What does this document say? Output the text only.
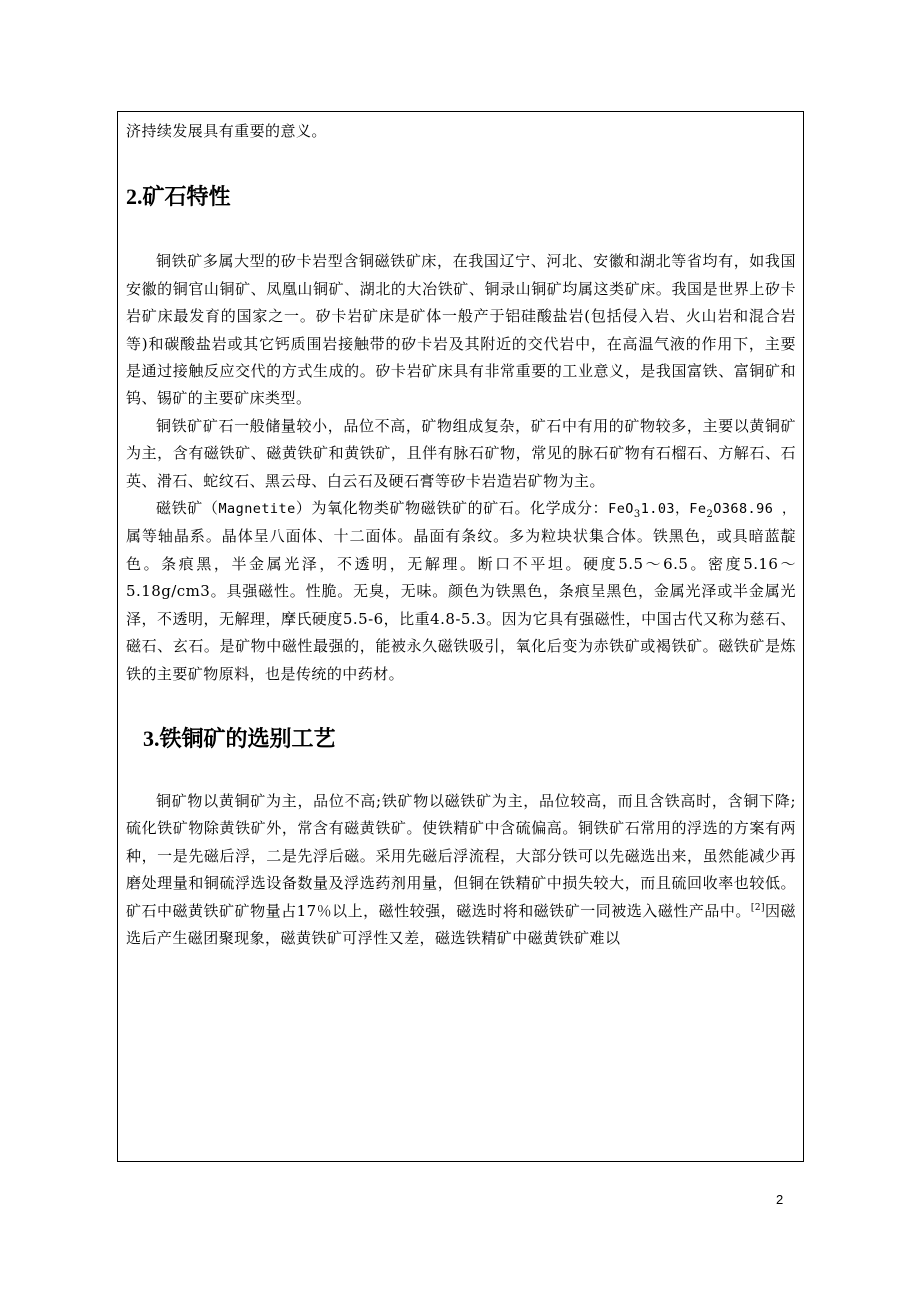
济持续发展具有重要的意义。

2.矿石特性

铜铁矿多属大型的矽卡岩型含铜磁铁矿床，在我国辽宁、河北、安徽和湖北等省均有，如我国安徽的铜官山铜矿、凤凰山铜矿、湖北的大冶铁矿、铜录山铜矿均属这类矿床。我国是世界上矽卡岩矿床最发育的国家之一。矽卡岩矿床是矿体一般产于铝硅酸盐岩(包括侵入岩、火山岩和混合岩等)和碳酸盐岩或其它钙质围岩接触带的矽卡岩及其附近的交代岩中，在高温气液的作用下，主要是通过接触反应交代的方式生成的。矽卡岩矿床具有非常重要的工业意义，是我国富铁、富铜矿和钨、锡矿的主要矿床类型。

铜铁矿矿石一般储量较小，品位不高，矿物组成复杂，矿石中有用的矿物较多，主要以黄铜矿为主，含有磁铁矿、磁黄铁矿和黄铁矿，且伴有脉石矿物，常见的脉石矿物有石榴石、方解石、石英、滑石、蛇纹石、黑云母、白云石及硬石膏等矽卡岩造岩矿物为主。

磁铁矿（Magnetite）为氧化物类矿物磁铁矿的矿石。化学成分：FeO$_3$1.03，$Fe_2O368.96$ ，属等轴晶系。晶体呈八面体、十二面体。晶面有条纹。多为粒块状集合体。铁黑色，或具暗蓝靛色。条痕黑，半金属光泽，不透明，无解理。断口不平坦。硬度5.5～6.5。密度5.16～5.18g/cm3。具强磁性。性脆。无臭，无味。颜色为铁黑色，条痕呈黑色，金属光泽或半金属光泽，不透明，无解理，摩氏硬度5.5-6，比重4.8-5.3。因为它具有强磁性，中国古代又称为慈石、磁石、玄石。是矿物中磁性最强的，能被永久磁铁吸引，氧化后变为赤铁矿或褐铁矿。磁铁矿是炼铁的主要矿物原料，也是传统的中药材。

3.铁铜矿的选别工艺

铜矿物以黄铜矿为主，品位不高;铁矿物以磁铁矿为主，品位较高，而且含铁高时，含铜下降;硫化铁矿物除黄铁矿外，常含有磁黄铁矿。使铁精矿中含硫偏高。铜铁矿石常用的浮选的方案有两种，一是先磁后浮，二是先浮后磁。采用先磁后浮流程，大部分铁可以先磁选出来，虽然能减少再磨处理量和铜硫浮选设备数量及浮选药剂用量，但铜在铁精矿中损失较大，而且硫回收率也较低。矿石中磁黄铁矿矿物量占17％以上，磁性较强，磁选时将和磁铁矿一同被选入磁性产品中。[2]因磁选后产生磁团聚现象，磁黄铁矿可浮性又差，磁选铁精矿中磁黄铁矿难以

2
